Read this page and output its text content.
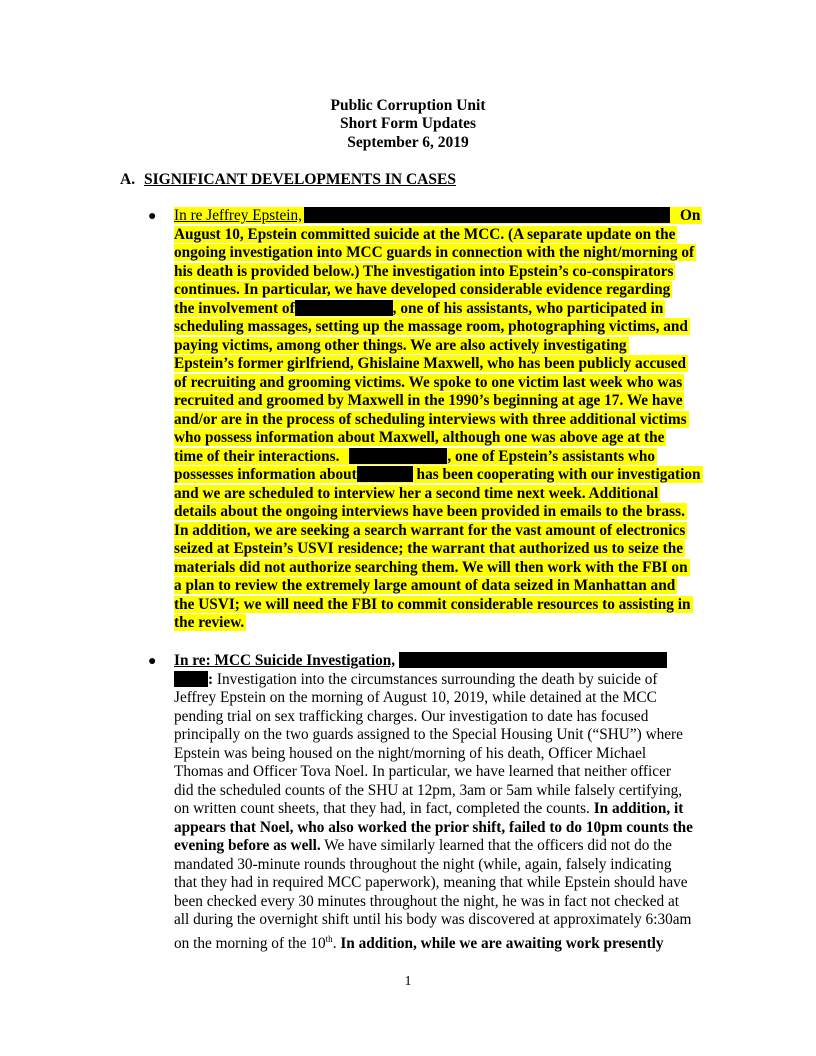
Public Corruption Unit
Short Form Updates
September 6, 2019
A. SIGNIFICANT DEVELOPMENTS IN CASES
● In re Jeffrey Epstein,	On
August 10, Epstein committed suicide at the MCC. (A separate update on the
ongoing investigation into MCC guards in connection with the night/morning of
his death is provided below.) The investigation into Epstein’s co-conspirators
continues. In particular, we have developed considerable evidence regarding
the involvement of	, one of his assistants, who participated in
scheduling massages, setting up the massage room, photographing victims, and
paying victims, among other things. We are also actively investigating
Epstein’s former girlfriend, Ghislaine Maxwell, who has been publicly accused
of recruiting and grooming victims. We spoke to one victim last week who was
recruited and groomed by Maxwell in the 1990’s beginning at age 17. We have
and/or are in the process of scheduling interviews with three additional victims
who possess information about Maxwell, although one was above age at the
time of their interactions.	, one of Epstein’s assistants who
possesses information about	has been cooperating with our investigation
and we are scheduled to interview her a second time next week. Additional
details about the ongoing interviews have been provided in emails to the brass.
In addition, we are seeking a search warrant for the vast amount of electronics
seized at Epstein’s USVI residence; the warrant that authorized us to seize the
materials did not authorize searching them. We will then work with the FBI on
a plan to review the extremely large amount of data seized in Manhattan and
the USVI; we will need the FBI to commit considerable resources to assisting in
the review.
● In re: MCC Suicide Investigation,
: Investigation into the circumstances surrounding the death by suicide of
Jeffrey Epstein on the morning of August 10, 2019, while detained at the MCC
pending trial on sex trafficking charges. Our investigation to date has focused
principally on the two guards assigned to the Special Housing Unit (“SHU”) where
Epstein was being housed on the night/morning of his death, Officer Michael
Thomas and Officer Tova Noel. In particular, we have learned that neither officer
did the scheduled counts of the SHU at 12pm, 3am or 5am while falsely certifying,
on written count sheets, that they had, in fact, completed the counts. In addition, it
appears that Noel, who also worked the prior shift, failed to do 10pm counts the
evening before as well. We have similarly learned that the officers did not do the
mandated 30-minute rounds throughout the night (while, again, falsely indicating
that they had in required MCC paperwork), meaning that while Epstein should have
been checked every 30 minutes throughout the night, he was in fact not checked at
all during the overnight shift until his body was discovered at approximately 6:30am
on the morning of the 10th. In addition, while we are awaiting work presently
1
